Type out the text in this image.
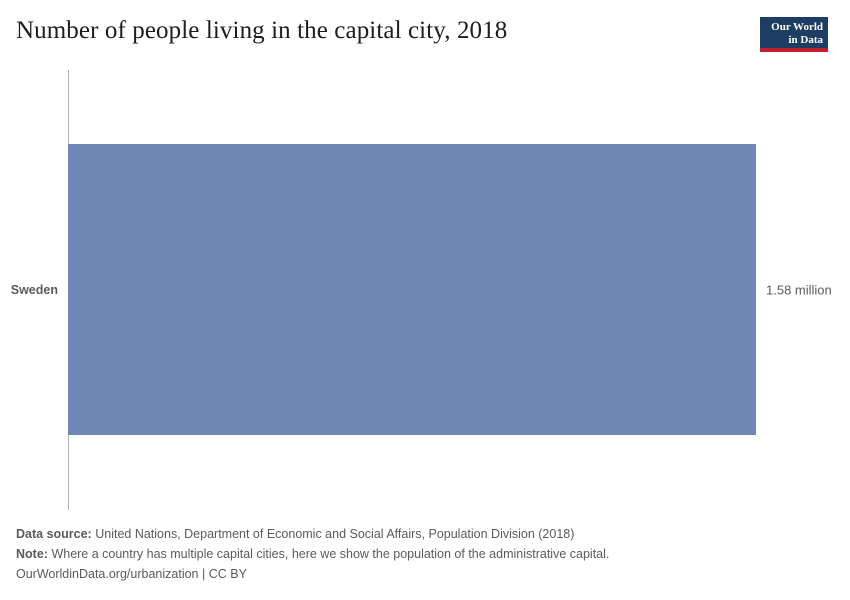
Number of people living in the capital city, 2018	Our World
in Data
Sweden	1.58 million
Data source: United Nations, Department of Economic and Social Affairs, Population Division (2018)
Note: Where a country has multiple capital cities, here we show the population of the administrative capital.
OurWorldinData.org/urbanization | CC BY
